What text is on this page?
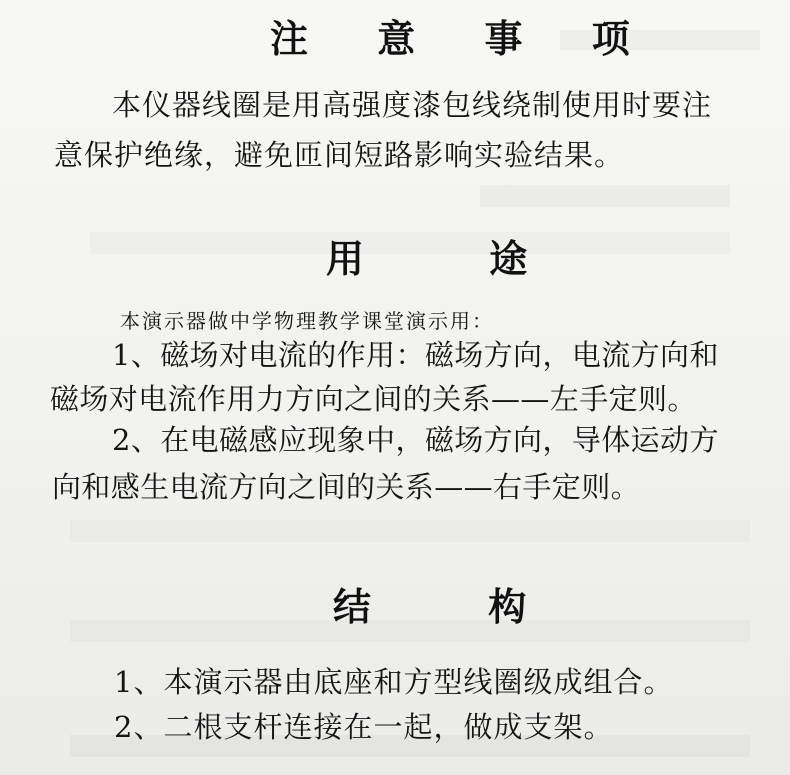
注 意 事 项
本仪器线圈是用高强度漆包线绕制使用时要注
意保护绝缘，避免匝间短路影响实验结果。
用 途
本演示器做中学物理教学课堂演示用：
1、磁场对电流的作用：磁场方向，电流方向和
磁场对电流作用力方向之间的关系——左手定则。
2、在电磁感应现象中，磁场方向，导体运动方
向和感生电流方向之间的关系——右手定则。
结 构
1、本演示器由底座和方型线圈级成组合。
2、二根支杆连接在一起，做成支架。
